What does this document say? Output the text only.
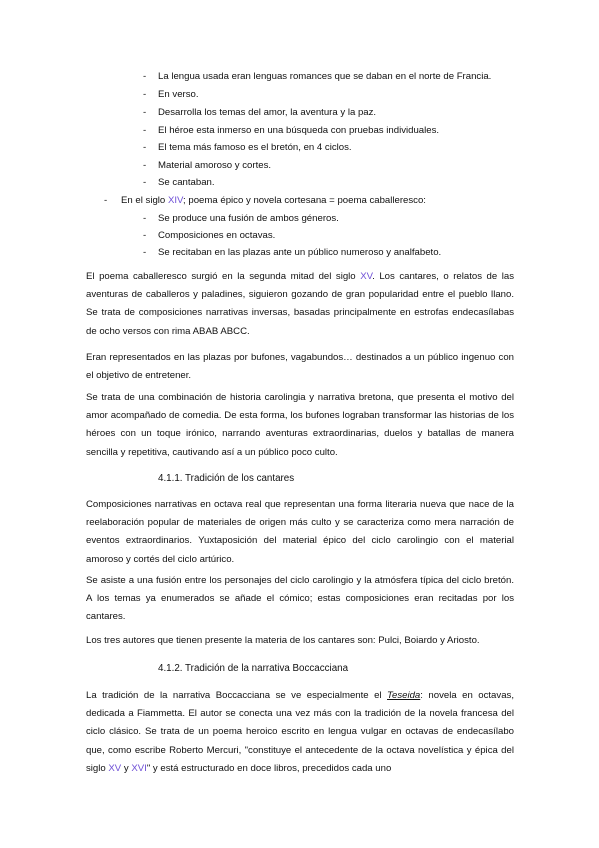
- La lengua usada eran lenguas romances que se daban en el norte de Francia.
- En verso.
- Desarrolla los temas del amor, la aventura y la paz.
- El héroe esta inmerso en una búsqueda con pruebas individuales.
- El tema más famoso es el bretón, en 4 ciclos.
- Material amoroso y cortes.
- Se cantaban.
- En el siglo XIV; poema épico y novela cortesana = poema caballeresco:
- Se produce una fusión de ambos géneros.
- Composiciones en octavas.
- Se recitaban en las plazas ante un público numeroso y analfabeto.

El poema caballeresco surgió en la segunda mitad del siglo XV. Los cantares, o relatos de las aventuras de caballeros y paladines, siguieron gozando de gran popularidad entre el pueblo llano. Se trata de composiciones narrativas inversas, basadas principalmente en estrofas endecasílabas de ocho versos con rima ABAB ABCC.

Eran representados en las plazas por bufones, vagabundos… destinados a un público ingenuo con el objetivo de entretener.

Se trata de una combinación de historia carolingia y narrativa bretona, que presenta el motivo del amor acompañado de comedia. De esta forma, los bufones lograban transformar las historias de los héroes con un toque irónico, narrando aventuras extraordinarias, duelos y batallas de manera sencilla y repetitiva, cautivando así a un público poco culto.

4.1.1. Tradición de los cantares

Composiciones narrativas en octava real que representan una forma literaria nueva que nace de la reelaboración popular de materiales de origen más culto y se caracteriza como mera narración de eventos extraordinarios. Yuxtaposición del material épico del ciclo carolingio con el material amoroso y cortés del ciclo artúrico.

Se asiste a una fusión entre los personajes del ciclo carolingio y la atmósfera típica del ciclo bretón. A los temas ya enumerados se añade el cómico; estas composiciones eran recitadas por los cantares.

Los tres autores que tienen presente la materia de los cantares son: Pulci, Boiardo y Ariosto.

4.1.2. Tradición de la narrativa Boccacciana

La tradición de la narrativa Boccacciana se ve especialmente el Teseida: novela en octavas, dedicada a Fiammetta. El autor se conecta una vez más con la tradición de la novela francesa del ciclo clásico. Se trata de un poema heroico escrito en lengua vulgar en octavas de endecasílabo que, como escribe Roberto Mercuri, "constituye el antecedente de la octava novelística y épica del siglo XV y XVI" y está estructurado en doce libros, precedidos cada uno
